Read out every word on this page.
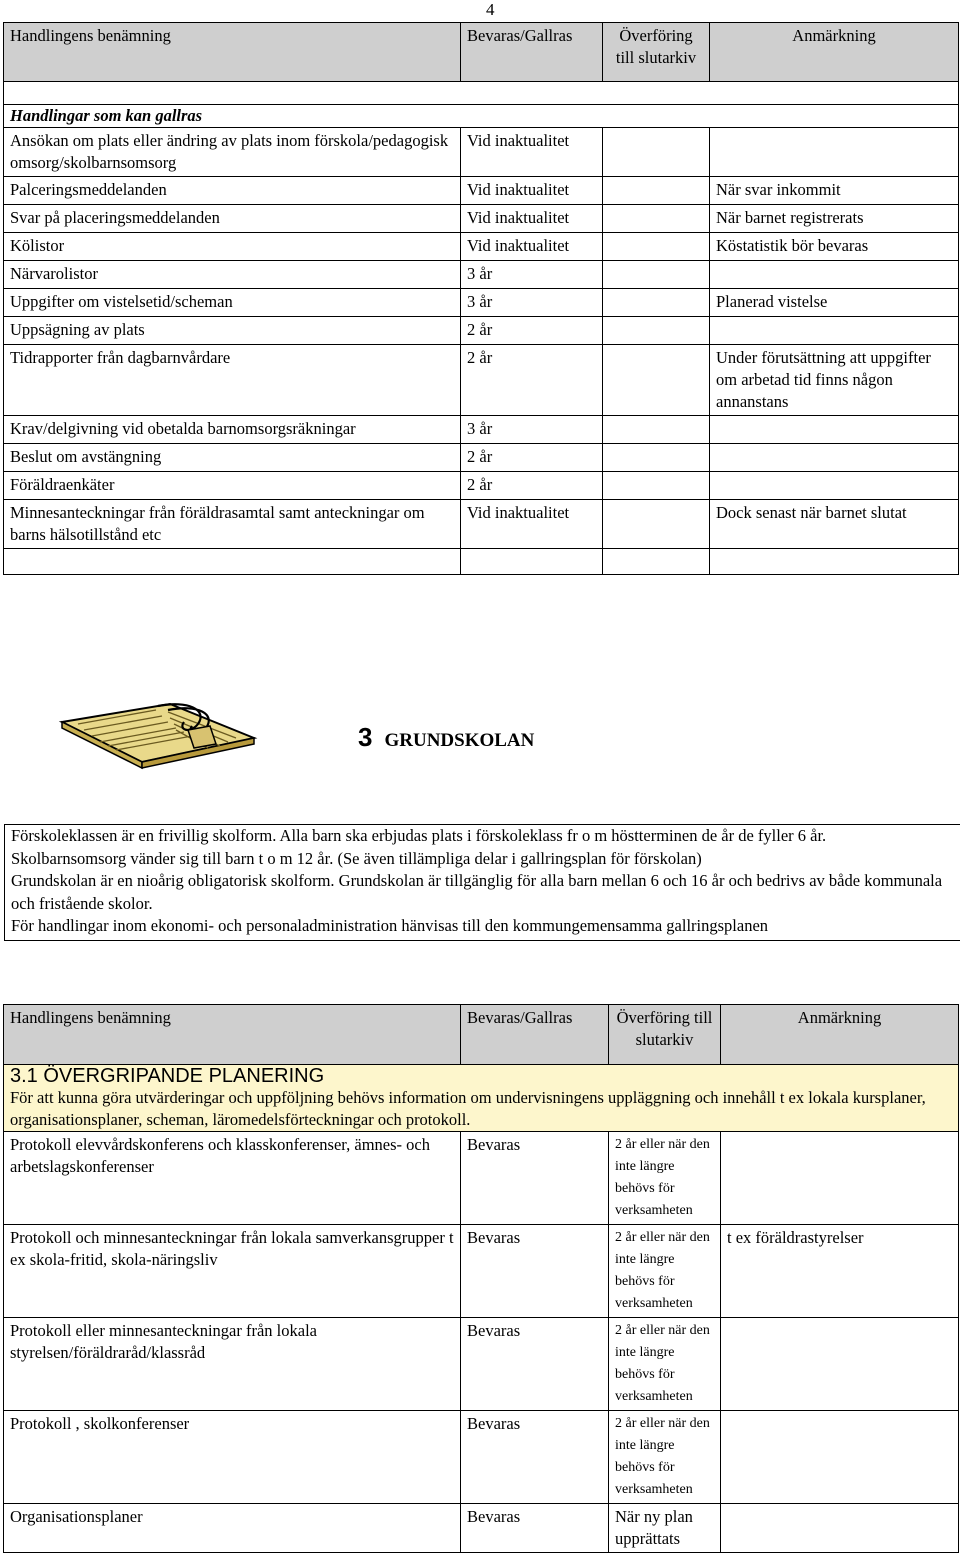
4
Handlingens benämning	Bevaras/Gallras	Överföring till slutarkiv	Anmärkning

Handlingar som kan gallras			
Ansökan om plats eller ändring av plats inom förskola/pedagogisk omsorg/skolbarnsomsorg	Vid inaktualitet		
Palceringsmeddelanden	Vid inaktualitet		När svar inkommit
Svar på placeringsmeddelanden	Vid inaktualitet		När barnet registrerats
Kölistor	Vid inaktualitet		Köstatistik bör bevaras
Närvarolistor	3 år		
Uppgifter om vistelsetid/scheman	3 år		Planerad vistelse
Uppsägning av plats	2 år		
Tidrapporter från dagbarnvårdare	2 år		Under förutsättning att uppgifter om arbetad tid finns någon annanstans
Krav/delgivning vid obetalda barnomsorgsräkningar	3 år		
Beslut om avstängning	2 år		
Föräldraenkäter	2 år		
Minnesanteckningar från föräldrasamtal samt anteckningar om barns hälsotillstånd etc	Vid inaktualitet		Dock senast när barnet slutat

3 GRUNDSKOLAN

Förskoleklassen är en frivillig skolform. Alla barn ska erbjudas plats i förskoleklass fr o m höstterminen de år de fyller 6 år.

Skolbarnsomsorg vänder sig till barn t o m 12 år. (Se även tillämpliga delar i gallringsplan för förskolan)

Grundskolan är en nioårig obligatorisk skolform. Grundskolan är tillgänglig för alla barn mellan 6 och 16 år och bedrivs av både kommunala och fristående skolor.

För handlingar inom ekonomi- och personaladministration hänvisas till den kommungemensamma gallringsplanen

Handlingens benämning	Bevaras/Gallras	Överföring till slutarkiv	Anmärkning

3.1 ÖVERGRIPANDE PLANERING
För att kunna göra utvärderingar och uppföljning behövs information om undervisningens uppläggning och innehåll t ex lokala kursplaner, organisationsplaner, scheman, läromedelsförteckningar och protokoll.			

Protokoll elevvårdskonferens och klasskonferenser, ämnes- och arbetslagskonferenser	Bevaras	2 år eller när den inte längre behövs för verksamheten	
Protokoll och minnesanteckningar från lokala samverkansgrupper t ex skola-fritid, skola-näringsliv	Bevaras	2 år eller när den inte längre behövs för verksamheten	t ex föräldrastyrelser
Protokoll eller minnesanteckningar från lokala styrelsen/föräldraråd/klassråd	Bevaras	2 år eller när den inte längre behövs för verksamheten	
Protokoll , skolkonferenser	Bevaras	2 år eller när den inte längre behövs för verksamheten	
Organisationsplaner	Bevaras	När ny plan upprättats	
